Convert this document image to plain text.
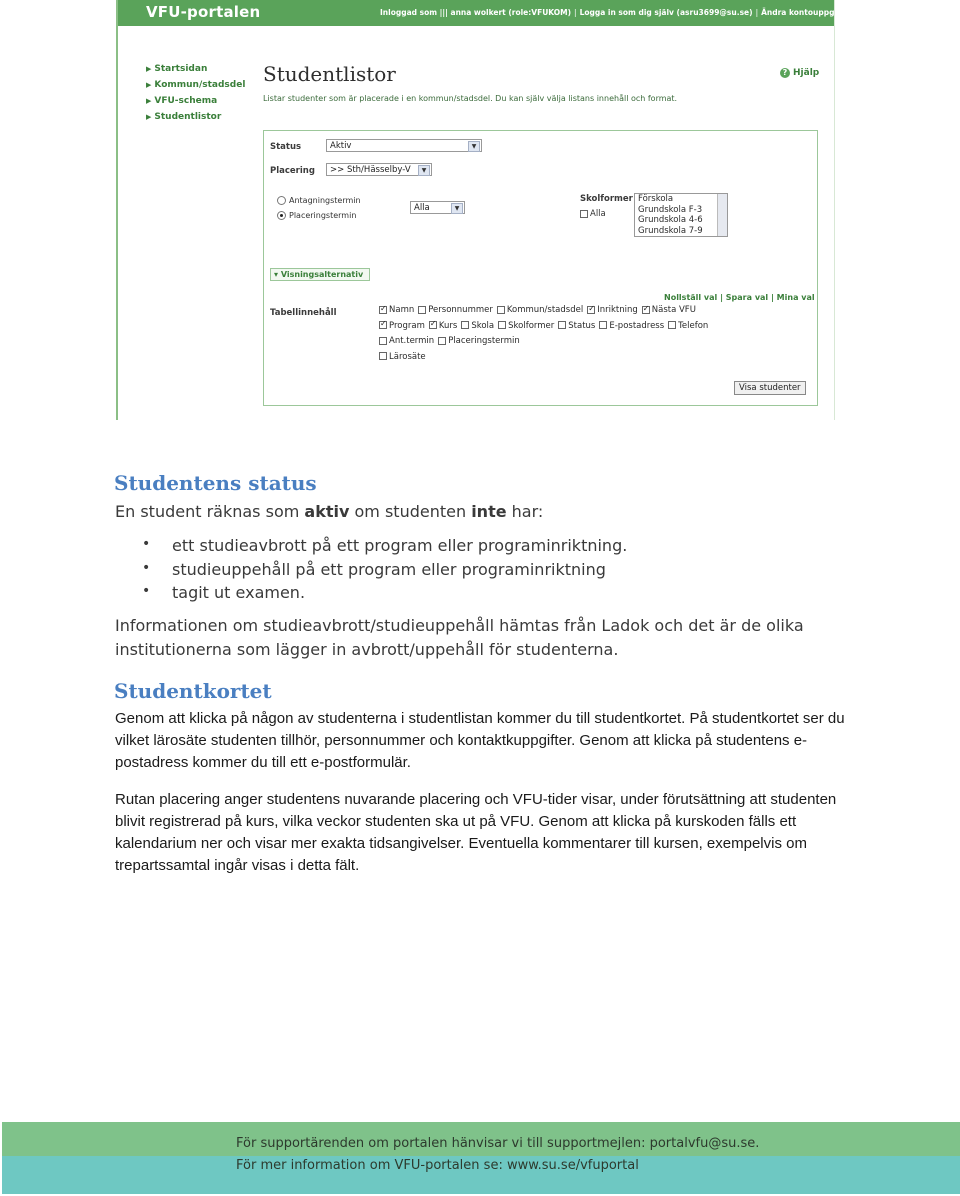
VFU-portalen	Inloggad som ||| anna wolkert (role:VFUKOM) | Logga in som dig själv (asru3699@su.se) | Ändra kontouppgifter | Logga ut
▶ Startsidan
▶ Kommun/stadsdel
▶ VFU-schema
▶ Studentlistor
Studentlistor
Listar studenter som är placerade i en kommun/stadsdel. Du kan själv välja listans innehåll och format.
? Hjälp
Status	Aktiv	▼
Placering	>> Sth/Hässelby-V	▼
Antagningstermin
Placeringstermin
Alla	▼
Skolformer
Alla
Förskola
Grundskola F-3
Grundskola 4-6
Grundskola 7-9
▾ Visningsalternativ
Nollställ val | Spara val | Mina val
Tabellinnehåll ✓	Namn Personnummer Kommun/stadsdel ✓ Inriktning ✓ Nästa VFU
✓Program ✓ Kurs Skola Skolformer Status E-postadress Telefon
Ant.termin Placeringstermin
Lärosäte
Visa studenter
Studentens status
En student räknas som aktiv om studenten inte har:
• ett studieavbrott på ett program eller programinriktning.
• studieuppehåll på ett program eller programinriktning
• tagit ut examen.
Informationen om studieavbrott/studieuppehåll hämtas från Ladok och det är de olika
institutionerna som lägger in avbrott/uppehåll för studenterna.
Studentkortet
Genom att klicka på någon av studenterna i studentlistan kommer du till studentkortet. På studentkortet ser du vilket lärosäte studenten tillhör, personnummer och kontaktkuppgifter. Genom att klicka på studentens e-postadress kommer du till ett e-postformulär.
Rutan placering anger studentens nuvarande placering och VFU-tider visar, under förutsättning att studenten blivit registrerad på kurs, vilka veckor studenten ska ut på VFU. Genom att klicka på kurskoden fälls ett kalendarium ner och visar mer exakta tidsangivelser. Eventuella kommentarer till kursen, exempelvis om trepartssamtal ingår visas i detta fält.
För supportärenden om portalen hänvisar vi till supportmejlen: portalvfu@su.se.
För mer information om VFU-portalen se: www.su.se/vfuportal
